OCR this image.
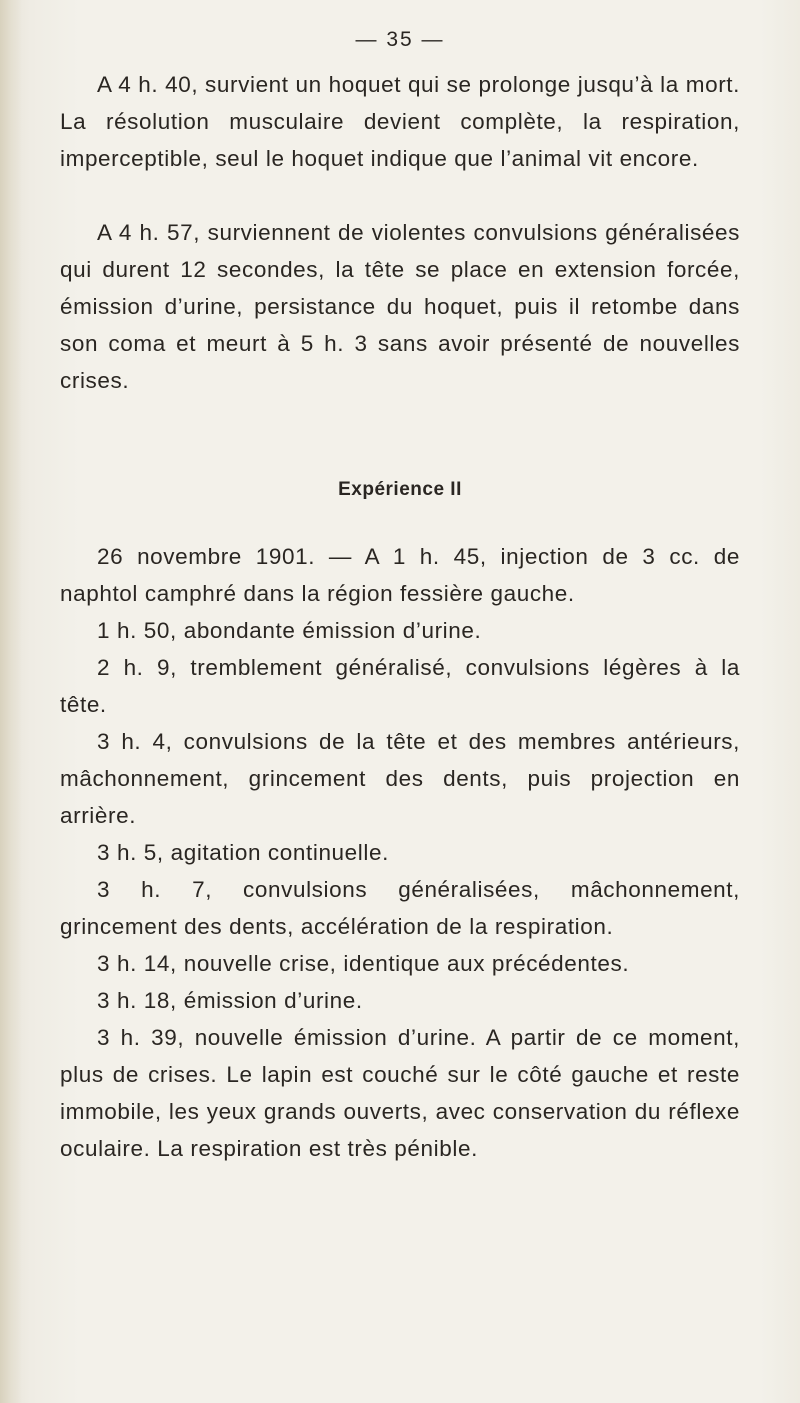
— 35 —

A 4 h. 40, survient un hoquet qui se prolonge jusqu’à la mort. La résolution musculaire devient complète, la respiration, imperceptible, seul le hoquet indique que l’animal vit encore.

A 4 h. 57, surviennent de violentes convulsions généralisées qui durent 12 secondes, la tête se place en extension forcée, émission d’urine, persistance du hoquet, puis il retombe dans son coma et meurt à 5 h. 3 sans avoir présenté de nouvelles crises.

Expérience II

26 novembre 1901. — A 1 h. 45, injection de 3 cc. de naphtol camphré dans la région fessière gauche.

1 h. 50, abondante émission d’urine.

2 h. 9, tremblement généralisé, convulsions légères à la tête.

3 h. 4, convulsions de la tête et des membres antérieurs, mâchonnement, grincement des dents, puis projection en arrière.

3 h. 5, agitation continuelle.

3 h. 7, convulsions généralisées, mâchonnement, grincement des dents, accélération de la respiration.

3 h. 14, nouvelle crise, identique aux précédentes.

3 h. 18, émission d’urine.

3 h. 39, nouvelle émission d’urine. A partir de ce moment, plus de crises. Le lapin est couché sur le côté gauche et reste immobile, les yeux grands ouverts, avec conservation du réflexe oculaire. La respiration est très pénible.
